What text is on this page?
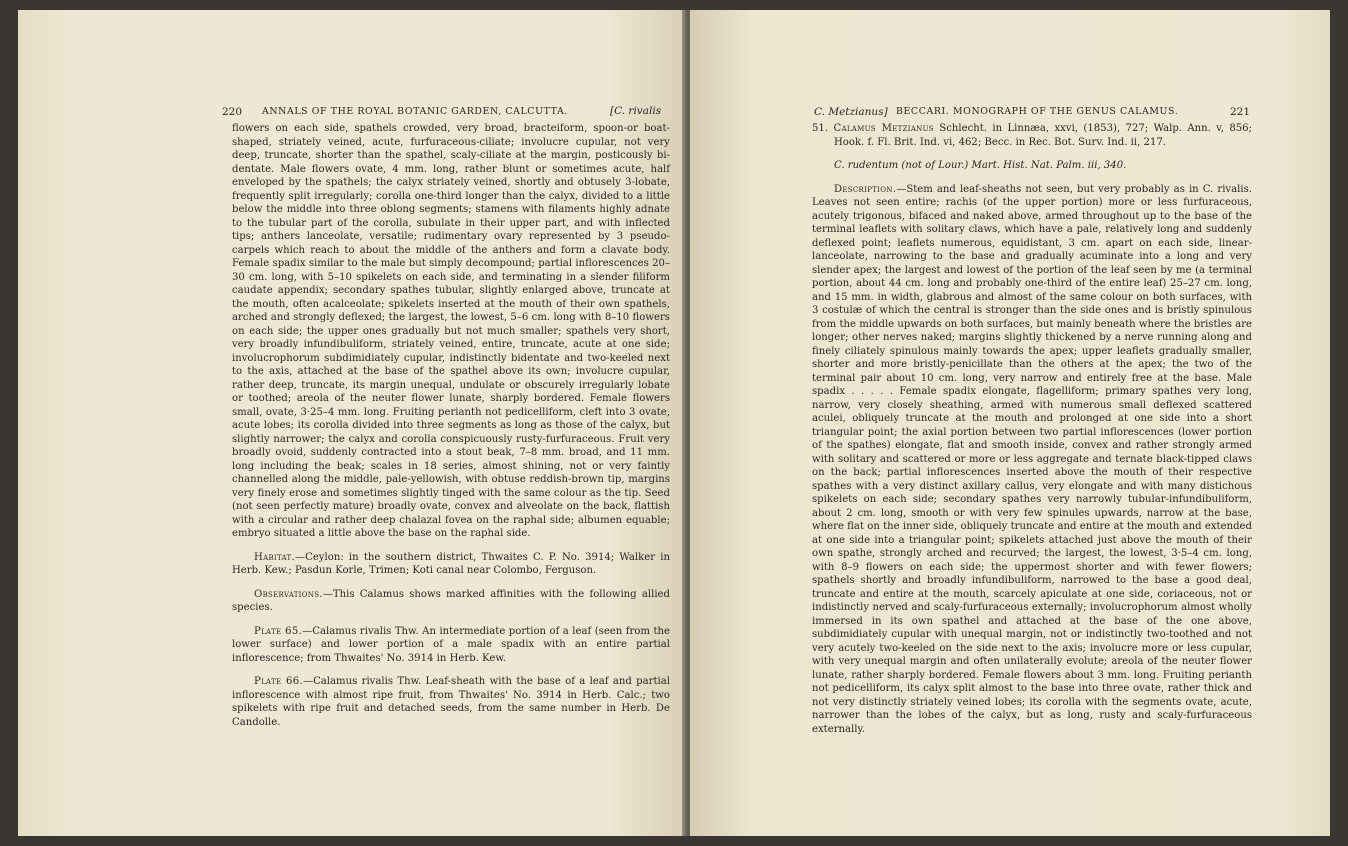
220 ANNALS OF THE ROYAL BOTANIC GARDEN, CALCUTTA.	[C. rivalis

flowers on each side, spathels crowded, very broad, bracteiform, spoon-or boat-shaped, striately veined, acute, furfuraceous-ciliate; involucre cupular, not very deep, truncate, shorter than the spathel, scaly-ciliate at the margin, posticously bi-dentate. Male flowers ovate, 4 mm. long, rather blunt or sometimes acute, half enveloped by the spathels; the calyx striately veined, shortly and obtusely 3-lobate, frequently split irregularly; corolla one-third longer than the calyx, divided to a little below the middle into three oblong segments; stamens with filaments highly adnate to the tubular part of the corolla, subulate in their upper part, and with inflected tips; anthers lanceolate, versatile; rudimentary ovary represented by 3 pseudo-carpels which reach to about the middle of the anthers and form a clavate body. Female spadix similar to the male but simply decompound; partial inflorescences 20–30 cm. long, with 5–10 spikelets on each side, and terminating in a slender filiform caudate appendix; secondary spathes tubular, slightly enlarged above, truncate at the mouth, often acalceolate; spikelets inserted at the mouth of their own spathels, arched and strongly deflexed; the largest, the lowest, 5–6 cm. long with 8–10 flowers on each side; the upper ones gradually but not much smaller; spathels very short, very broadly infundibuliform, striately veined, entire, truncate, acute at one side; involucrophorum subdimidiately cupular, indistinctly bidentate and two-keeled next to the axis, attached at the base of the spathel above its own; involucre cupular, rather deep, truncate, its margin unequal, undulate or obscurely irregularly lobate or toothed; areola of the neuter flower lunate, sharply bordered. Female flowers small, ovate, 3·25–4 mm. long. Fruiting perianth not pedicelliform, cleft into 3 ovate, acute lobes; its corolla divided into three segments as long as those of the calyx, but slightly narrower; the calyx and corolla conspicuously rusty-furfuraceous. Fruit very broadly ovoid, suddenly contracted into a stout beak, 7–8 mm. broad, and 11 mm. long including the beak; scales in 18 series, almost shining, not or very faintly channelled along the middle, pale-yellowish, with obtuse reddish-brown tip, margins very finely erose and sometimes slightly tinged with the same colour as the tip. Seed (not seen perfectly mature) broadly ovate, convex and alveolate on the back, flattish with a circular and rather deep chalazal fovea on the raphal side; albumen equable; embryo situated a little above the base on the raphal side.

Habitat.—Ceylon: in the southern district, Thwaites C. P. No. 3914; Walker in Herb. Kew.; Pasdun Korle, Trimen; Koti canal near Colombo, Ferguson.

Observations.—This Calamus shows marked affinities with the following allied species.

Plate 65.—Calamus rivalis Thw. An intermediate portion of a leaf (seen from the lower surface) and lower portion of a male spadix with an entire partial inflorescence; from Thwaites' No. 3914 in Herb. Kew.

Plate 66.—Calamus rivalis Thw. Leaf-sheath with the base of a leaf and partial inflorescence with almost ripe fruit, from Thwaites' No. 3914 in Herb. Calc.; two spikelets with ripe fruit and detached seeds, from the same number in Herb. De Candolle.

C. Metzianus] BECCARI. MONOGRAPH OF THE GENUS CALAMUS.	221

51. Calamus Metzianus Schlecht. in Linnæa, xxvi, (1853), 727; Walp. Ann. v, 856; Hook. f. Fl. Brit. Ind. vi, 462; Becc. in Rec. Bot. Surv. Ind. ii, 217.

C. rudentum (not of Lour.) Mart. Hist. Nat. Palm. iii, 340.

Description.—Stem and leaf-sheaths not seen, but very probably as in C. rivalis. Leaves not seen entire; rachis (of the upper portion) more or less furfuraceous, acutely trigonous, bifaced and naked above, armed throughout up to the base of the terminal leaflets with solitary claws, which have a pale, relatively long and suddenly deflexed point; leaflets numerous, equidistant, 3 cm. apart on each side, linear-lanceolate, narrowing to the base and gradually acuminate into a long and very slender apex; the largest and lowest of the portion of the leaf seen by me (a terminal portion, about 44 cm. long and probably one-third of the entire leaf) 25–27 cm. long, and 15 mm. in width, glabrous and almost of the same colour on both surfaces, with 3 costulæ of which the central is stronger than the side ones and is bristly spinulous from the middle upwards on both surfaces, but mainly beneath where the bristles are longer; other nerves naked; margins slightly thickened by a nerve running along and finely ciliately spinulous mainly towards the apex; upper leaflets gradually smaller, shorter and more bristly-penicillate than the others at the apex; the two of the terminal pair about 10 cm. long, very narrow and entirely free at the base. Male spadix . . . . . Female spadix elongate, flagelliform; primary spathes very long, narrow, very closely sheathing, armed with numerous small deflexed scattered aculei, obliquely truncate at the mouth and prolonged at one side into a short triangular point; the axial portion between two partial inflorescences (lower portion of the spathes) elongate, flat and smooth inside, convex and rather strongly armed with solitary and scattered or more or less aggregate and ternate black-tipped claws on the back; partial inflorescences inserted above the mouth of their respective spathes with a very distinct axillary callus, very elongate and with many distichous spikelets on each side; secondary spathes very narrowly tubular-infundibuliform, about 2 cm. long, smooth or with very few spinules upwards, narrow at the base, where flat on the inner side, obliquely truncate and entire at the mouth and extended at one side into a triangular point; spikelets attached just above the mouth of their own spathe, strongly arched and recurved; the largest, the lowest, 3·5–4 cm. long, with 8–9 flowers on each side; the uppermost shorter and with fewer flowers; spathels shortly and broadly infundibuliform, narrowed to the base a good deal, truncate and entire at the mouth, scarcely apiculate at one side, coriaceous, not or indistinctly nerved and scaly-furfuraceous externally; involucrophorum almost wholly immersed in its own spathel and attached at the base of the one above, subdimidiately cupular with unequal margin, not or indistinctly two-toothed and not very acutely two-keeled on the side next to the axis; involucre more or less cupular, with very unequal margin and often unilaterally evolute; areola of the neuter flower lunate, rather sharply bordered. Female flowers about 3 mm. long. Fruiting perianth not pedicelliform, its calyx split almost to the base into three ovate, rather thick and not very distinctly striately veined lobes; its corolla with the segments ovate, acute, narrower than the lobes of the calyx, but as long, rusty and scaly-furfuraceous externally.
